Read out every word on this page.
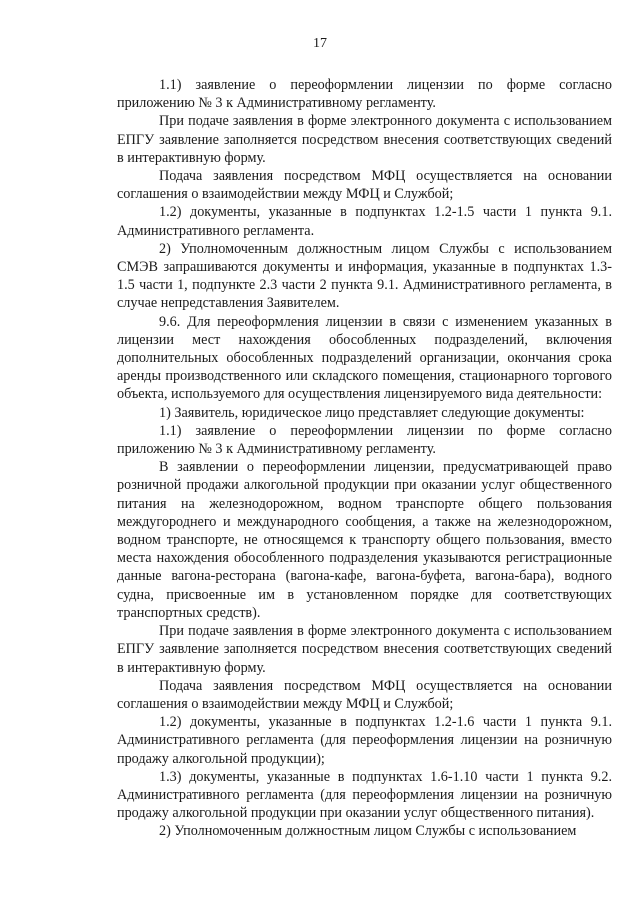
17

1.1) заявление о переоформлении лицензии по форме согласно приложению № 3 к Административному регламенту.

При подаче заявления в форме электронного документа с использованием ЕПГУ заявление заполняется посредством внесения соответствующих сведений в интерактивную форму.

Подача заявления посредством МФЦ осуществляется на основании соглашения о взаимодействии между МФЦ и Службой;

1.2) документы, указанные в подпунктах 1.2-1.5 части 1 пункта 9.1. Административного регламента.

2) Уполномоченным должностным лицом Службы с использованием СМЭВ запрашиваются документы и информация, указанные в подпунктах 1.3-1.5 части 1, подпункте 2.3 части 2 пункта 9.1. Административного регламента, в случае непредставления Заявителем.

9.6. Для переоформления лицензии в связи с изменением указанных в лицензии мест нахождения обособленных подразделений, включения дополнительных обособленных подразделений организации, окончания срока аренды производственного или складского помещения, стационарного торгового объекта, используемого для осуществления лицензируемого вида деятельности:

1) Заявитель, юридическое лицо представляет следующие документы:

1.1) заявление о переоформлении лицензии по форме согласно приложению № 3 к Административному регламенту.

В заявлении о переоформлении лицензии, предусматривающей право розничной продажи алкогольной продукции при оказании услуг общественного питания на железнодорожном, водном транспорте общего пользования междугороднего и международного сообщения, а также на железнодорожном, водном транспорте, не относящемся к транспорту общего пользования, вместо места нахождения обособленного подразделения указываются регистрационные данные вагона-ресторана (вагона-кафе, вагона-буфета, вагона-бара), водного судна, присвоенные им в установленном порядке для соответствующих транспортных средств).

При подаче заявления в форме электронного документа с использованием ЕПГУ заявление заполняется посредством внесения соответствующих сведений в интерактивную форму.

Подача заявления посредством МФЦ осуществляется на основании соглашения о взаимодействии между МФЦ и Службой;

1.2) документы, указанные в подпунктах 1.2-1.6 части 1 пункта 9.1. Административного регламента (для переоформления лицензии на розничную продажу алкогольной продукции);

1.3) документы, указанные в подпунктах 1.6-1.10 части 1 пункта 9.2. Административного регламента (для переоформления лицензии на розничную продажу алкогольной продукции при оказании услуг общественного питания).

2) Уполномоченным должностным лицом Службы с использованием
